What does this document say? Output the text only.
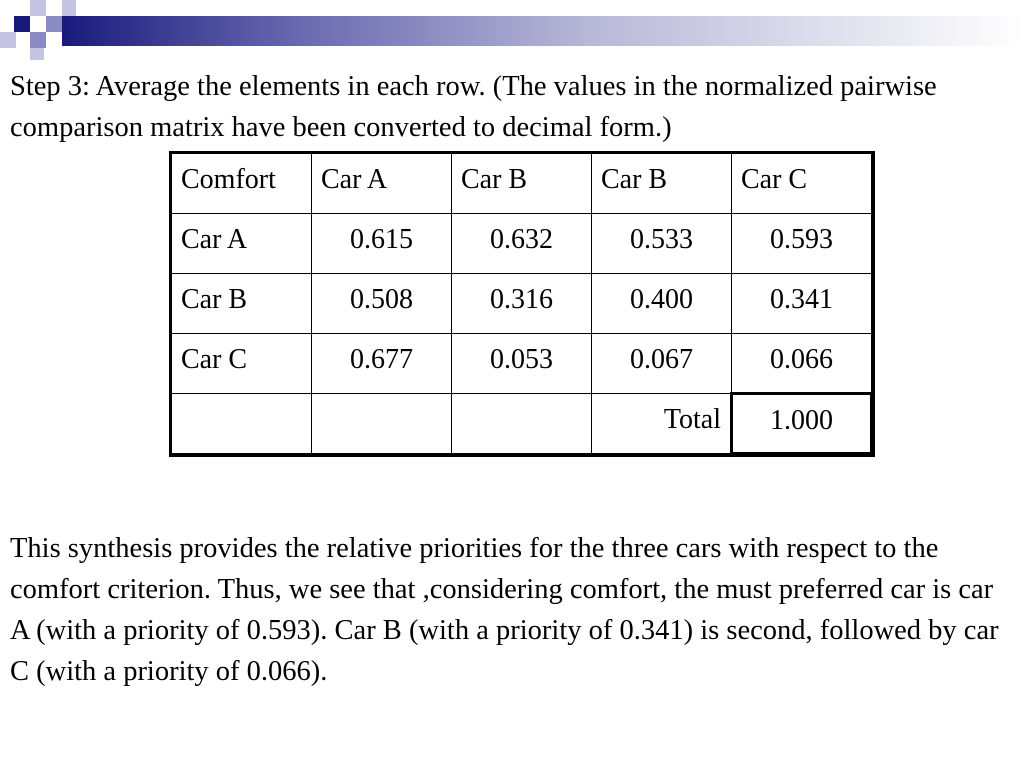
Step 3: Average the elements in each row. (The values in the normalized pairwise comparison matrix have been converted to decimal form.)

Comfort	Car A	Car B	Car B	Car C
Car A	0.615	0.632	0.533	0.593
Car B	0.508	0.316	0.400	0.341
Car C	0.677	0.053	0.067	0.066
			Total	1.000

This synthesis provides the relative priorities for the three cars with respect to the comfort criterion. Thus, we see that ,considering comfort, the must preferred car is car A (with a priority of 0.593). Car B (with a priority of 0.341) is second, followed by car C (with a priority of 0.066).
